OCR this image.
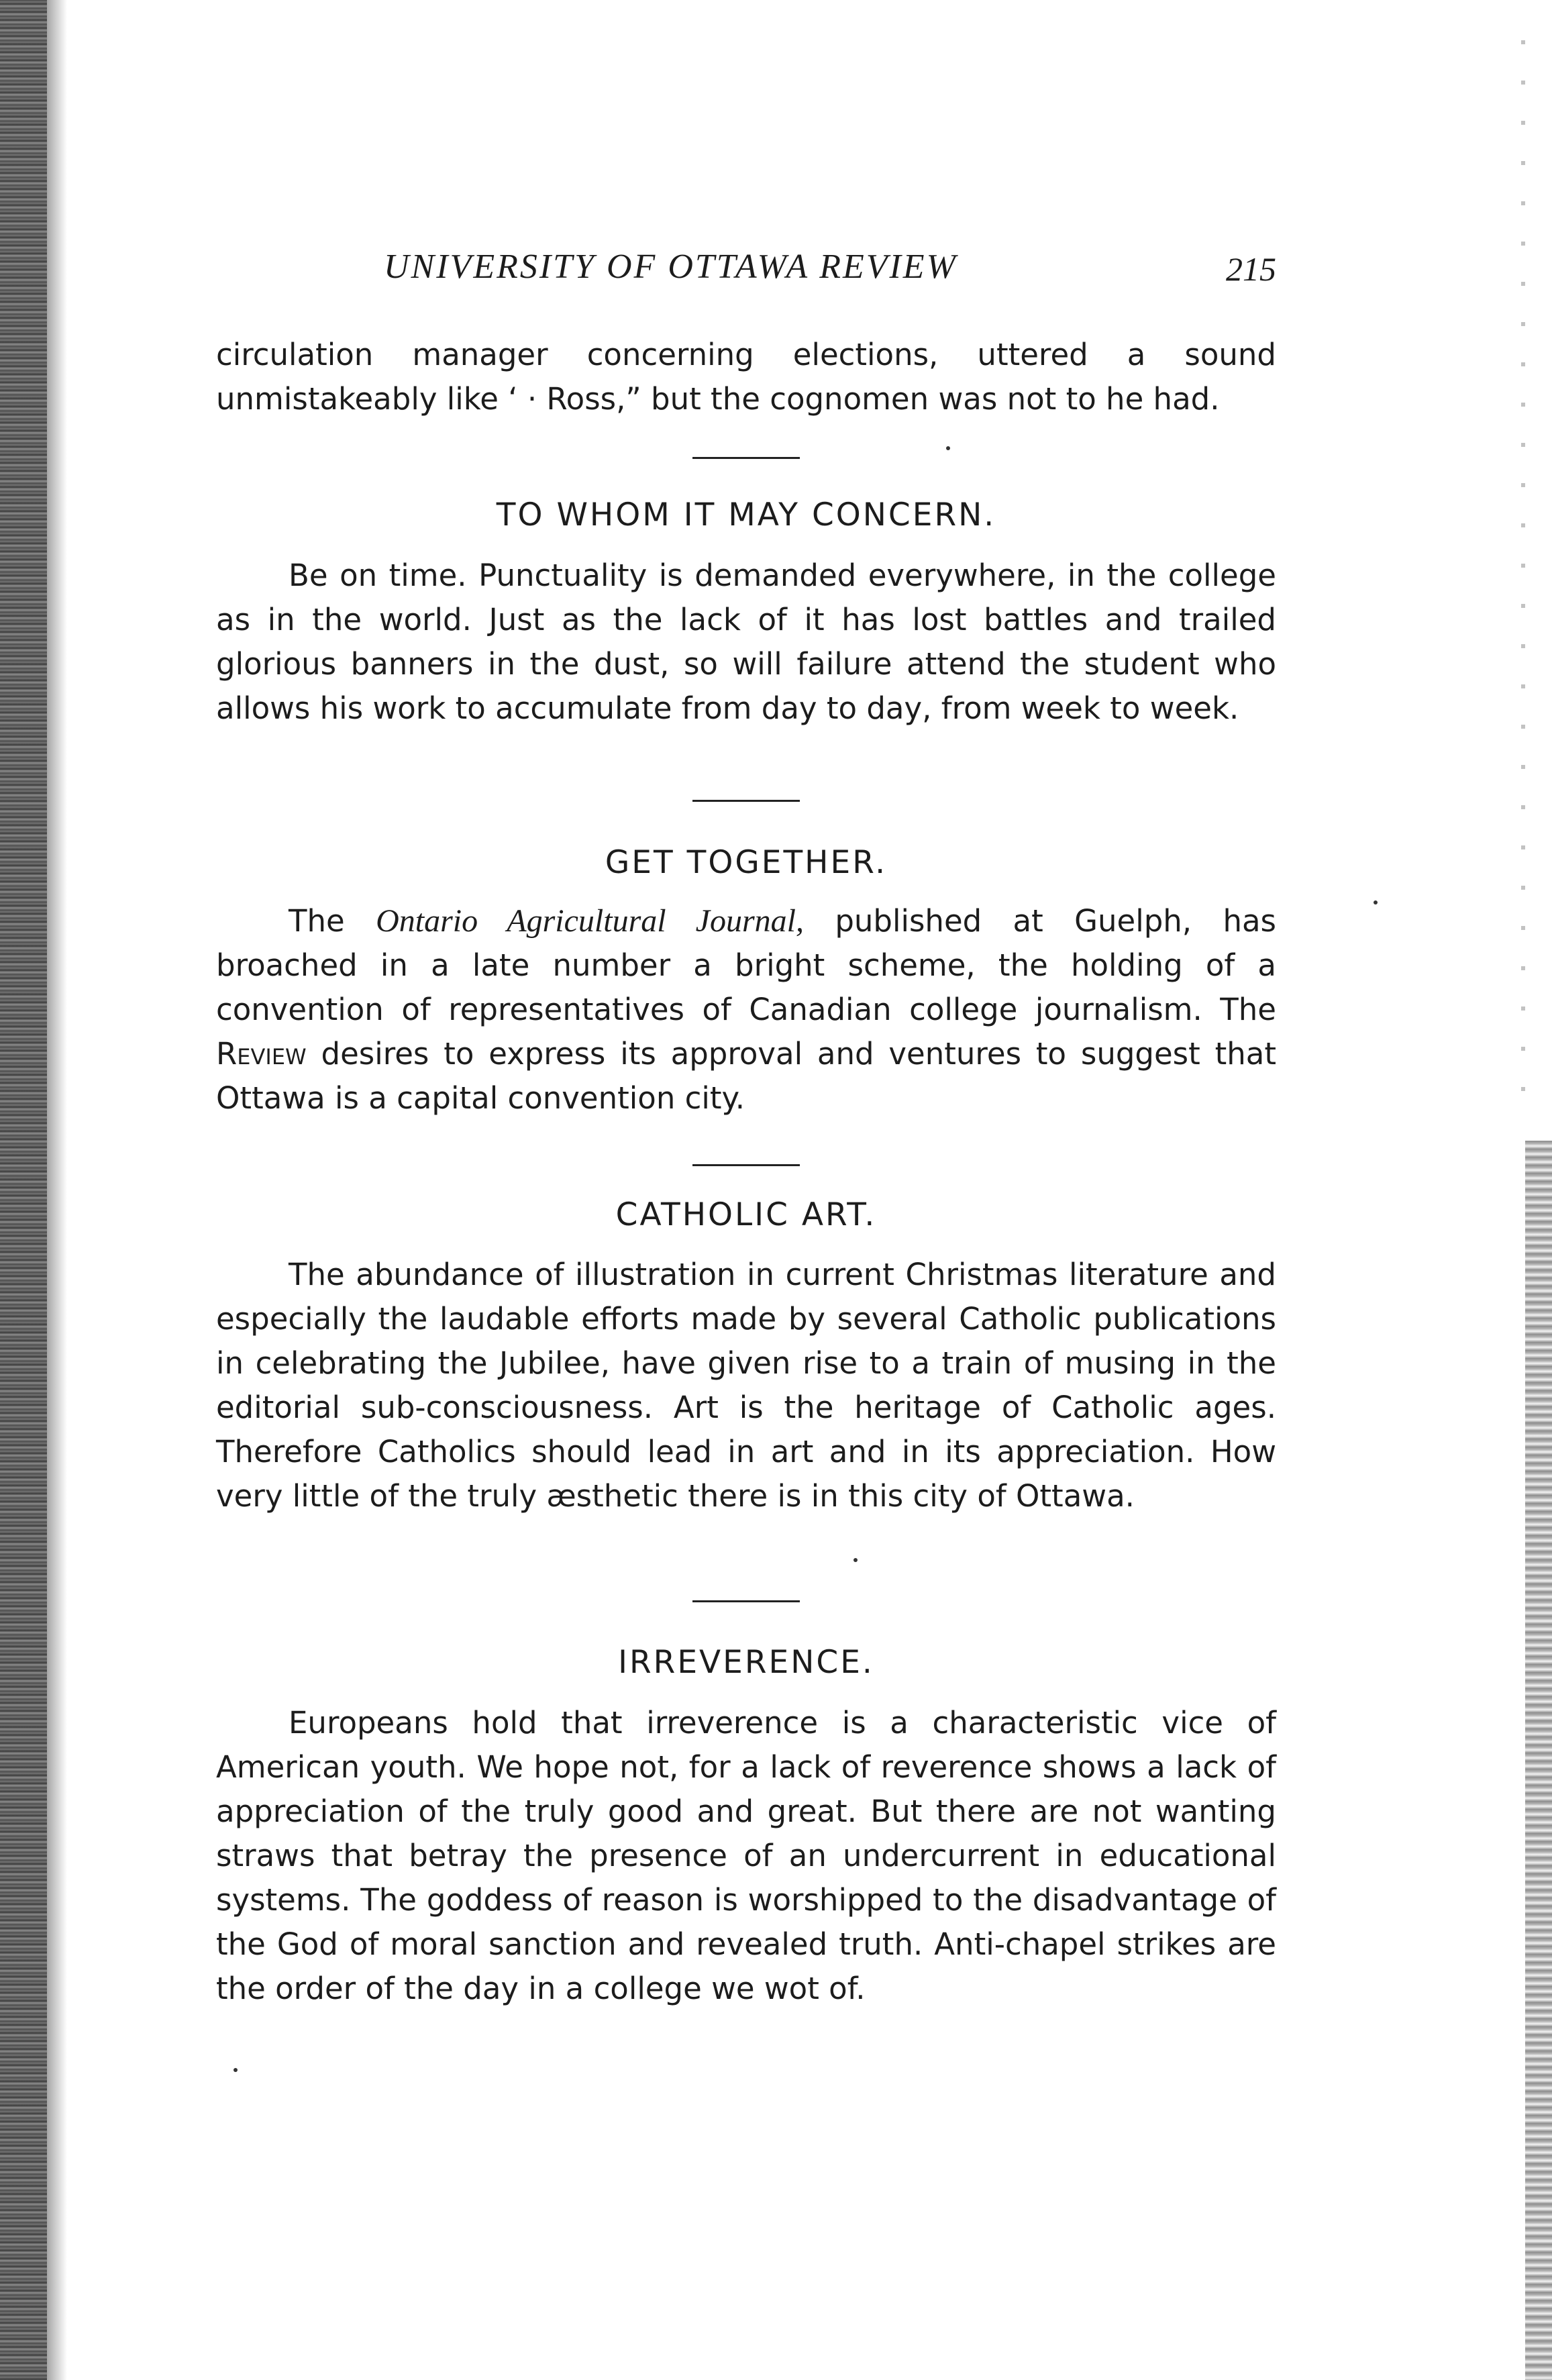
UNIVERSITY OF OTTAWA REVIEW	215

circulation manager concerning elections, uttered a sound unmistakeably like ‘ · Ross,” but the cognomen was not to he had.

TO WHOM IT MAY CONCERN.

Be on time. Punctuality is demanded everywhere, in the college as in the world. Just as the lack of it has lost battles and trailed glorious banners in the dust, so will failure attend the student who allows his work to accumulate from day to day, from week to week.

GET TOGETHER.

The Ontario Agricultural Journal, published at Guelph, has broached in a late number a bright scheme, the holding of a convention of representatives of Canadian college journalism. The Review desires to express its approval and ventures to suggest that Ottawa is a capital convention city.

CATHOLIC ART.

The abundance of illustration in current Christmas literature and especially the laudable efforts made by several Catholic publications in celebrating the Jubilee, have given rise to a train of musing in the editorial sub-consciousness. Art is the heritage of Catholic ages. Therefore Catholics should lead in art and in its appreciation. How very little of the truly æsthetic there is in this city of Ottawa.

IRREVERENCE.

Europeans hold that irreverence is a characteristic vice of American youth. We hope not, for a lack of reverence shows a lack of appreciation of the truly good and great. But there are not wanting straws that betray the presence of an undercurrent in educational systems. The goddess of reason is worshipped to the disadvantage of the God of moral sanction and revealed truth. Anti-chapel strikes are the order of the day in a college we wot of.
